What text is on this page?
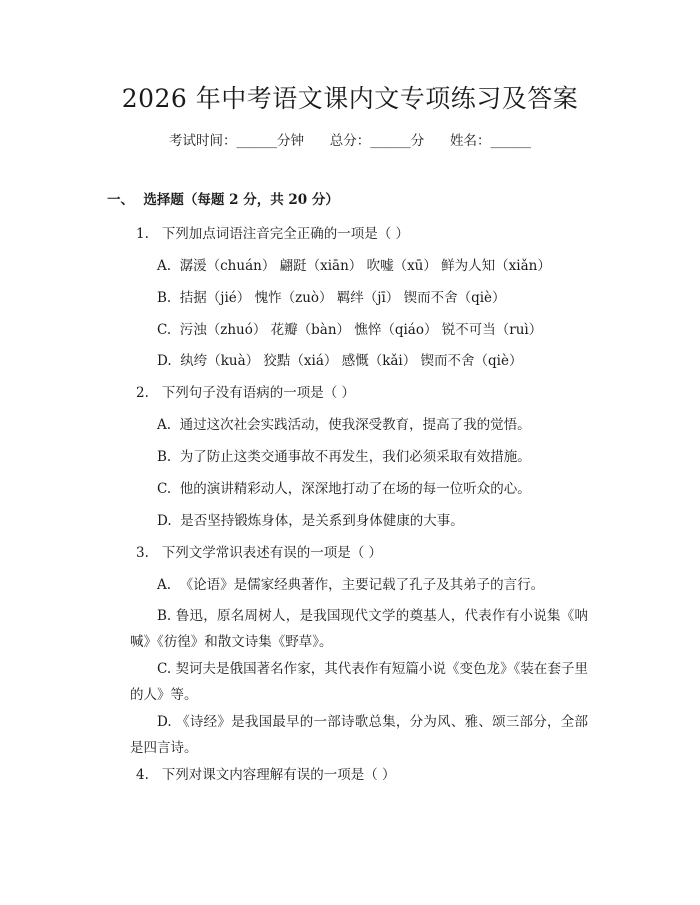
2026 年中考语文课内文专项练习及答案
考试时间：______分钟 总分：______分 姓名：______
一、  选择题（每题 2 分，共 20 分）
1.   下列加点词语注音完全正确的一项是（ ）
A.  潺湲（chuán） 翩跹（xiān） 吹嘘（xū） 鲜为人知（xiǎn）
B.  拮据（jié） 愧怍（zuò） 羁绊（jī） 锲而不舍（qiè）
C.  污浊（zhuó） 花瓣（bàn） 憔悴（qiáo） 锐不可当（ruì）
D.  纨绔（kuà） 狡黠（xiá） 感慨（kǎi） 锲而不舍（qiè）
2.   下列句子没有语病的一项是（ ）
A.  通过这次社会实践活动，使我深受教育，提高了我的觉悟。
B.  为了防止这类交通事故不再发生，我们必须采取有效措施。
C.  他的演讲精彩动人，深深地打动了在场的每一位听众的心。
D.  是否坚持锻炼身体，是关系到身体健康的大事。
3.   下列文学常识表述有误的一项是（ ）
A.  《论语》是儒家经典著作，主要记载了孔子及其弟子的言行。
B. 鲁迅，原名周树人，是我国现代文学的奠基人，代表作有小说集《呐喊》《彷徨》和散文诗集《野草》。
C. 契诃夫是俄国著名作家，其代表作有短篇小说《变色龙》《装在套子里的人》等。
D. 《诗经》是我国最早的一部诗歌总集，分为风、雅、颂三部分，全部是四言诗。
4.   下列对课文内容理解有误的一项是（ ）
